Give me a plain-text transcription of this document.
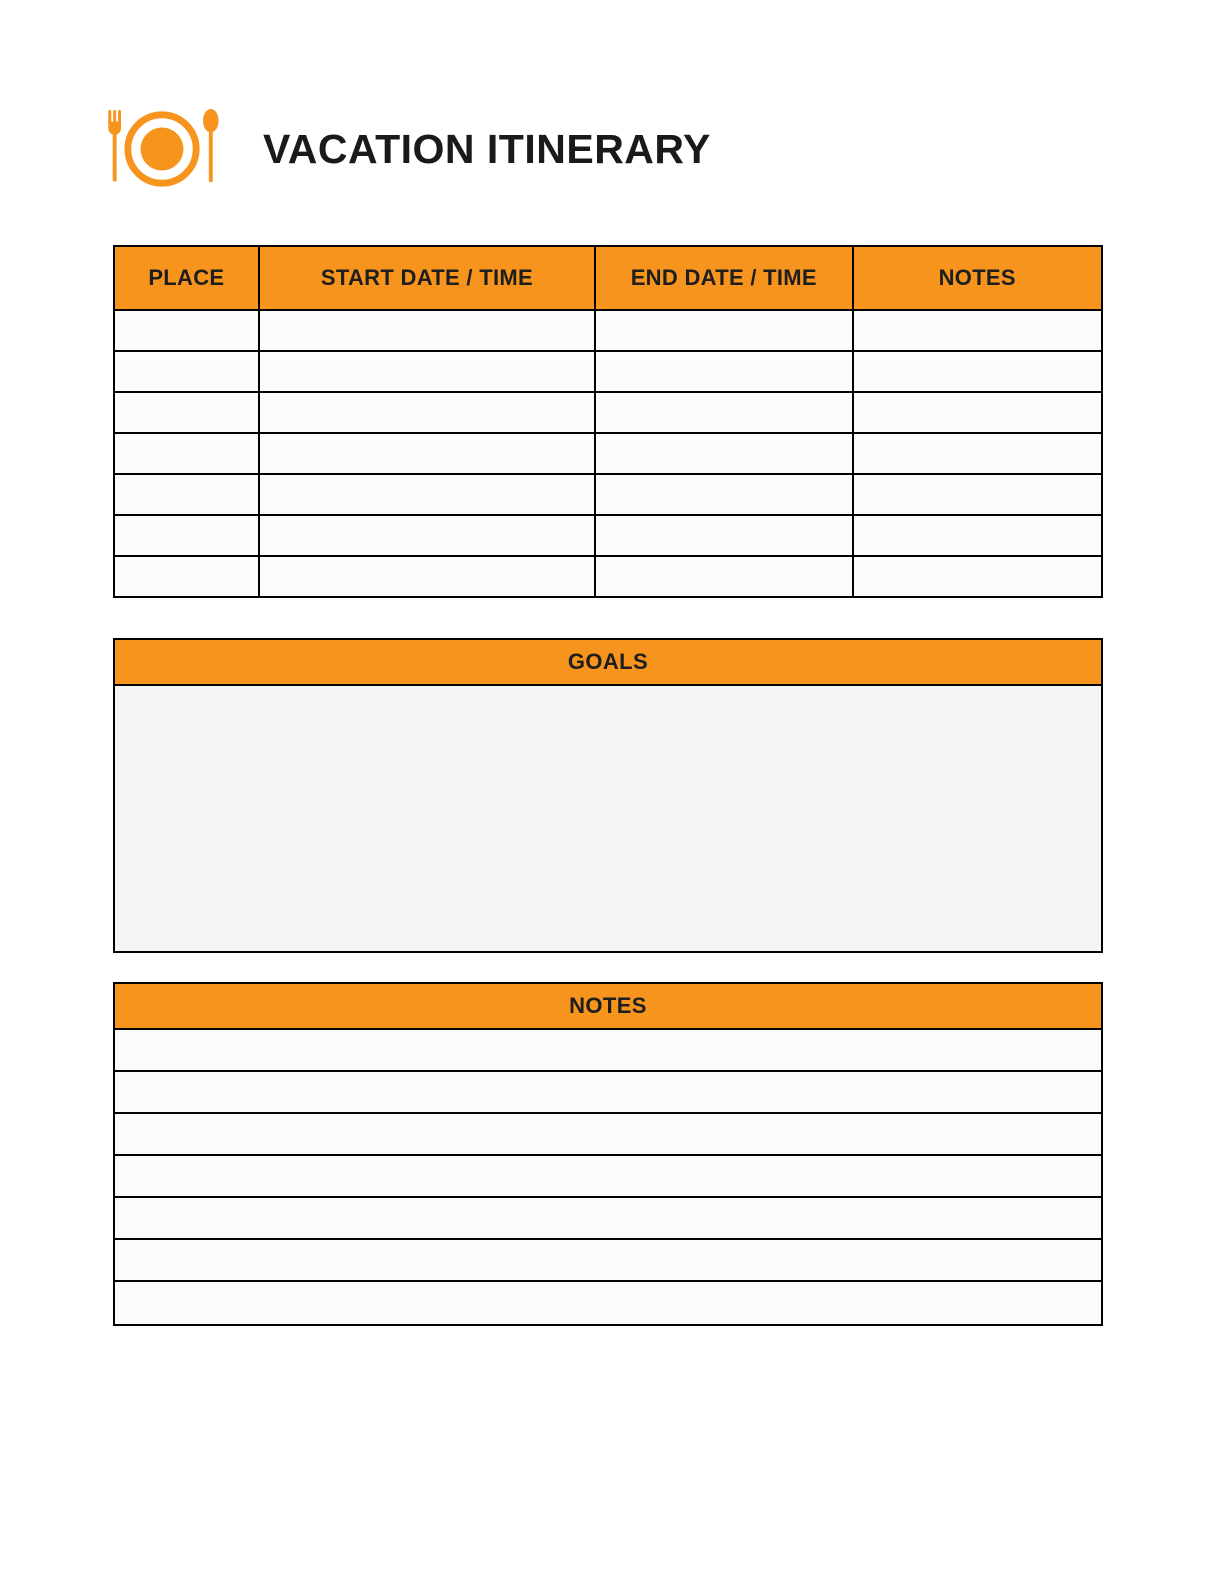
VACATION ITINERARY
PLACE	START DATE / TIME	END DATE / TIME	NOTES

GOALS
NOTES
